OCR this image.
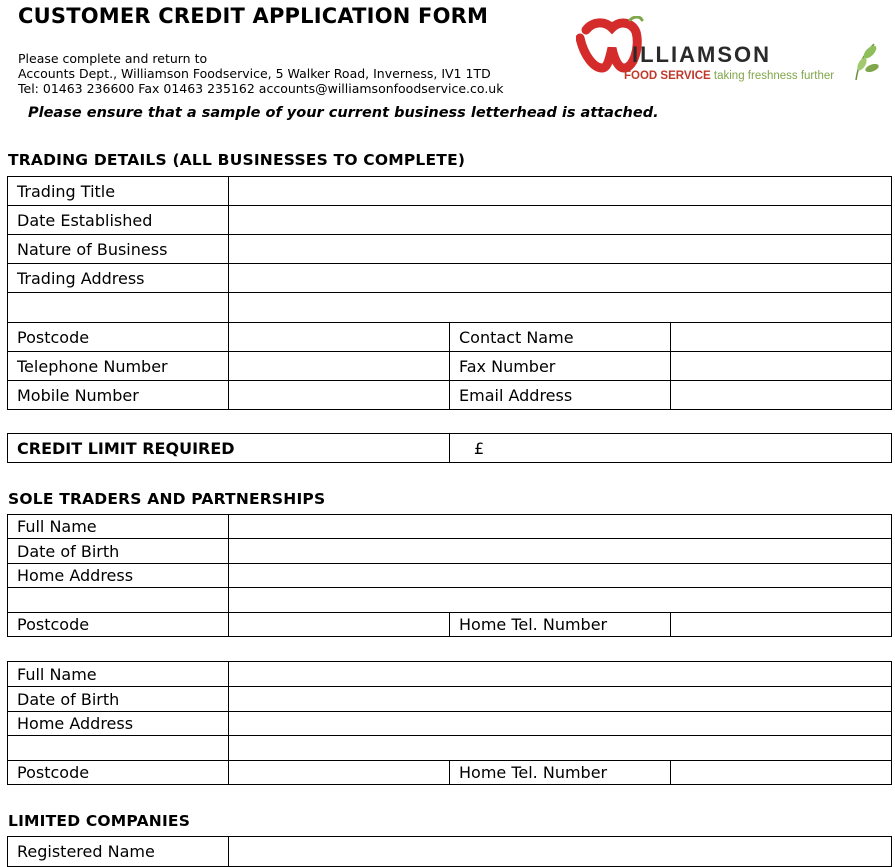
CUSTOMER CREDIT APPLICATION FORM
Please complete and return to
Accounts Dept., Williamson Foodservice, 5 Walker Road, Inverness, IV1 1TD
Tel: 01463 236600 Fax 01463 235162 accounts@williamsonfoodservice.co.uk
Please ensure that a sample of your current business letterhead is attached.
ILLIAMSON
FOOD SERVICE taking freshness further
TRADING DETAILS (ALL BUSINESSES TO COMPLETE)
Trading Title			
Date Established			
Nature of Business			
Trading Address			

Postcode		Contact Name	
Telephone Number		Fax Number	
Mobile Number		Email Address	
CREDIT LIMIT REQUIRED	£
SOLE TRADERS AND PARTNERSHIPS
Full Name			
Date of Birth			
Home Address			

Postcode		Home Tel. Number	
Full Name			
Date of Birth			
Home Address			

Postcode		Home Tel. Number	
LIMITED COMPANIES
Registered Name	
